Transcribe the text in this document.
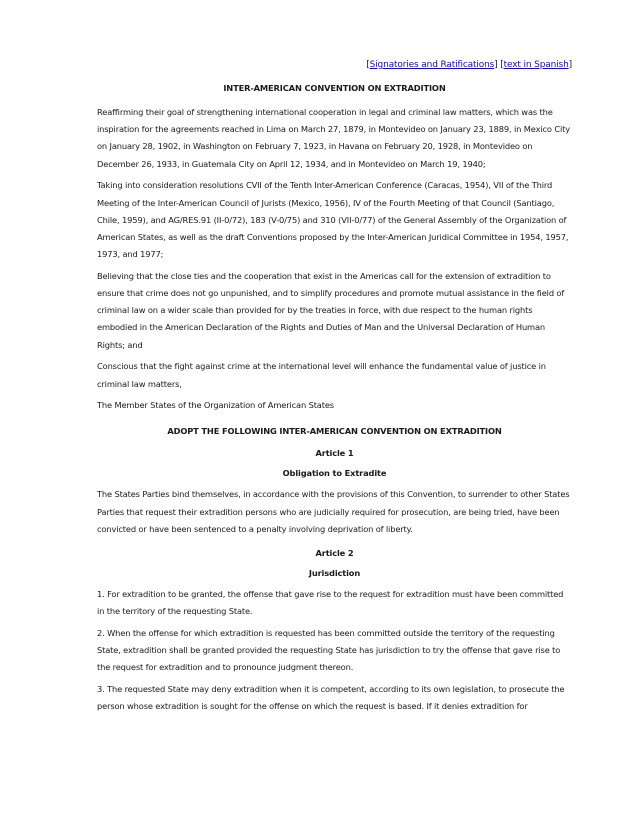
[Signatories and Ratifications] [text in Spanish]
INTER-AMERICAN CONVENTION ON EXTRADITION

Reaffirming their goal of strengthening international cooperation in legal and criminal law matters, which was the inspiration for the agreements reached in Lima on March 27, 1879, in Montevideo on January 23, 1889, in Mexico City on January 28, 1902, in Washington on February 7, 1923, in Havana on February 20, 1928, in Montevideo on December 26, 1933, in Guatemala City on April 12, 1934, and in Montevideo on March 19, 1940;

Taking into consideration resolutions CVII of the Tenth Inter-American Conference (Caracas, 1954), VII of the Third Meeting of the Inter-American Council of Jurists (Mexico, 1956), IV of the Fourth Meeting of that Council (Santiago, Chile, 1959), and AG/RES.91 (II-0/72), 183 (V-0/75) and 310 (VII-0/77) of the General Assembly of the Organization of American States, as well as the draft Conventions proposed by the Inter-American Juridical Committee in 1954, 1957, 1973, and 1977;

Believing that the close ties and the cooperation that exist in the Americas call for the extension of extradition to ensure that crime does not go unpunished, and to simplify procedures and promote mutual assistance in the field of criminal law on a wider scale than provided for by the treaties in force, with due respect to the human rights embodied in the American Declaration of the Rights and Duties of Man and the Universal Declaration of Human Rights; and

Conscious that the fight against crime at the international level will enhance the fundamental value of justice in criminal law matters,

The Member States of the Organization of American States

ADOPT THE FOLLOWING INTER-AMERICAN CONVENTION ON EXTRADITION
Article 1
Obligation to Extradite

The States Parties bind themselves, in accordance with the provisions of this Convention, to surrender to other States Parties that request their extradition persons who are judicially required for prosecution, are being tried, have been convicted or have been sentenced to a penalty involving deprivation of liberty.

Article 2
Jurisdiction

1. For extradition to be granted, the offense that gave rise to the request for extradition must have been committed in the territory of the requesting State.

2. When the offense for which extradition is requested has been committed outside the territory of the requesting State, extradition shall be granted provided the requesting State has jurisdiction to try the offense that gave rise to the request for extradition and to pronounce judgment thereon.

3. The requested State may deny extradition when it is competent, according to its own legislation, to prosecute the person whose extradition is sought for the offense on which the request is based. If it denies extradition for
